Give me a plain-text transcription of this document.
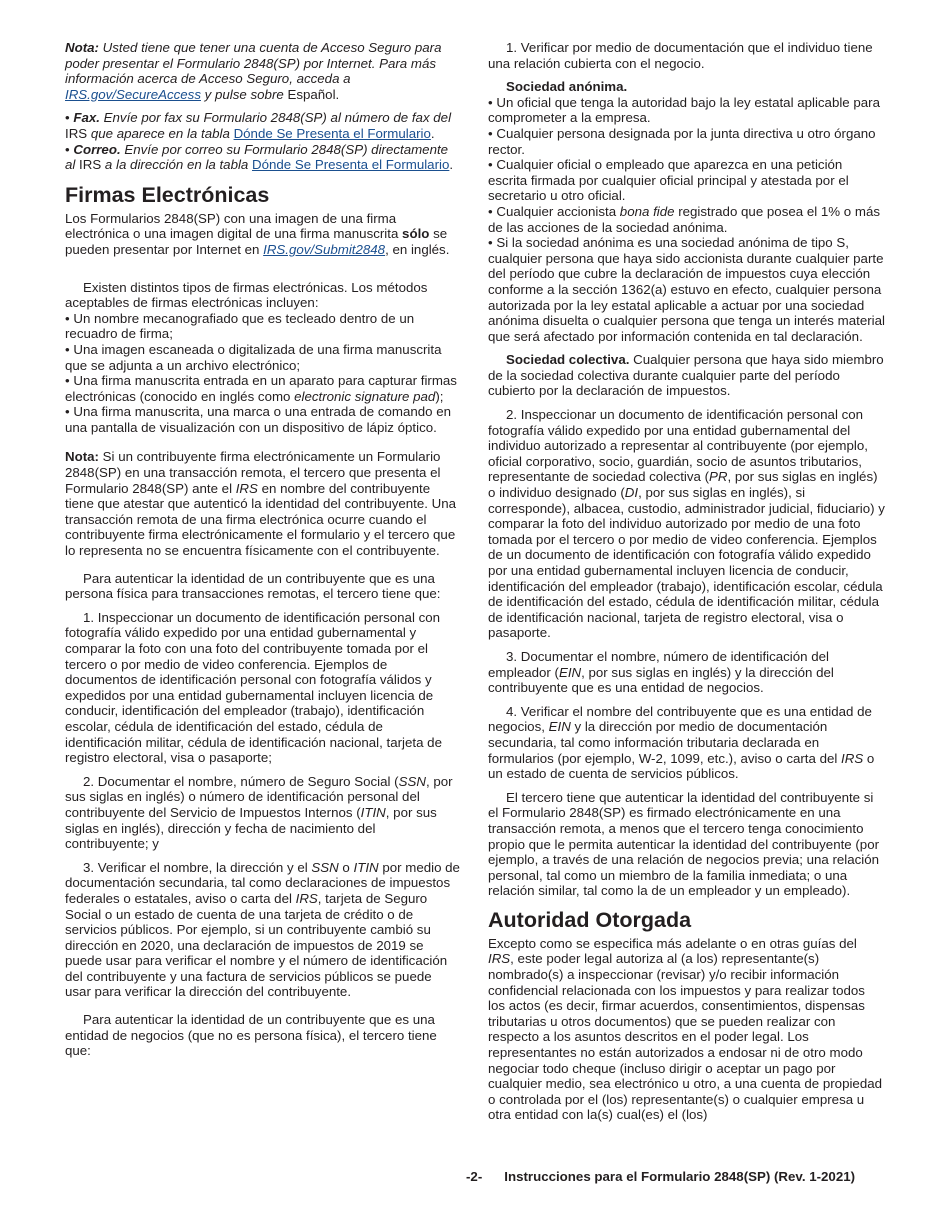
Nota: Usted tiene que tener una cuenta de Acceso Seguro para poder presentar el Formulario 2848(SP) por Internet. Para más información acerca de Acceso Seguro, acceda a IRS.gov/SecureAccess y pulse sobre Español.

• Fax. Envíe por fax su Formulario 2848(SP) al número de fax del IRS que aparece en la tabla Dónde Se Presenta el Formulario.

• Correo. Envíe por correo su Formulario 2848(SP) directamente al IRS a la dirección en la tabla Dónde Se Presenta el Formulario.

Firmas Electrónicas

Los Formularios 2848(SP) con una imagen de una firma electrónica o una imagen digital de una firma manuscrita sólo se pueden presentar por Internet en IRS.gov/Submit2848, en inglés.

Existen distintos tipos de firmas electrónicas. Los métodos aceptables de firmas electrónicas incluyen:

• Un nombre mecanografiado que es tecleado dentro de un recuadro de firma;

• Una imagen escaneada o digitalizada de una firma manuscrita que se adjunta a un archivo electrónico;

• Una firma manuscrita entrada en un aparato para capturar firmas electrónicas (conocido en inglés como electronic signature pad);

• Una firma manuscrita, una marca o una entrada de comando en una pantalla de visualización con un dispositivo de lápiz óptico.

Nota: Si un contribuyente firma electrónicamente un Formulario 2848(SP) en una transacción remota, el tercero que presenta el Formulario 2848(SP) ante el IRS en nombre del contribuyente tiene que atestar que autenticó la identidad del contribuyente. Una transacción remota de una firma electrónica ocurre cuando el contribuyente firma electrónicamente el formulario y el tercero que lo representa no se encuentra físicamente con el contribuyente.

Para autenticar la identidad de un contribuyente que es una persona física para transacciones remotas, el tercero tiene que:

1. Inspeccionar un documento de identificación personal con fotografía válido expedido por una entidad gubernamental y comparar la foto con una foto del contribuyente tomada por el tercero o por medio de video conferencia. Ejemplos de documentos de identificación personal con fotografía válidos y expedidos por una entidad gubernamental incluyen licencia de conducir, identificación del empleador (trabajo), identificación escolar, cédula de identificación del estado, cédula de identificación militar, cédula de identificación nacional, tarjeta de registro electoral, visa o pasaporte;

2. Documentar el nombre, número de Seguro Social (SSN, por sus siglas en inglés) o número de identificación personal del contribuyente del Servicio de Impuestos Internos (ITIN, por sus siglas en inglés), dirección y fecha de nacimiento del contribuyente; y

3. Verificar el nombre, la dirección y el SSN o ITIN por medio de documentación secundaria, tal como declaraciones de impuestos federales o estatales, aviso o carta del IRS, tarjeta de Seguro Social o un estado de cuenta de una tarjeta de crédito o de servicios públicos. Por ejemplo, si un contribuyente cambió su dirección en 2020, una declaración de impuestos de 2019 se puede usar para verificar el nombre y el número de identificación del contribuyente y una factura de servicios públicos se puede usar para verificar la dirección del contribuyente.

Para autenticar la identidad de un contribuyente que es una entidad de negocios (que no es persona física), el tercero tiene que:

1. Verificar por medio de documentación que el individuo tiene una relación cubierta con el negocio.

Sociedad anónima.

• Un oficial que tenga la autoridad bajo la ley estatal aplicable para comprometer a la empresa.

• Cualquier persona designada por la junta directiva u otro órgano rector.

• Cualquier oficial o empleado que aparezca en una petición escrita firmada por cualquier oficial principal y atestada por el secretario u otro oficial.

• Cualquier accionista bona fide registrado que posea el 1% o más de las acciones de la sociedad anónima.

• Si la sociedad anónima es una sociedad anónima de tipo S, cualquier persona que haya sido accionista durante cualquier parte del período que cubre la declaración de impuestos cuya elección conforme a la sección 1362(a) estuvo en efecto, cualquier persona autorizada por la ley estatal aplicable a actuar por una sociedad anónima disuelta o cualquier persona que tenga un interés material que será afectado por información contenida en tal declaración.

Sociedad colectiva. Cualquier persona que haya sido miembro de la sociedad colectiva durante cualquier parte del período cubierto por la declaración de impuestos.

2. Inspeccionar un documento de identificación personal con fotografía válido expedido por una entidad gubernamental del individuo autorizado a representar al contribuyente (por ejemplo, oficial corporativo, socio, guardián, socio de asuntos tributarios, representante de sociedad colectiva (PR, por sus siglas en inglés) o individuo designado (DI, por sus siglas en inglés), si corresponde), albacea, custodio, administrador judicial, fiduciario) y comparar la foto del individuo autorizado por medio de una foto tomada por el tercero o por medio de video conferencia. Ejemplos de un documento de identificación con fotografía válido expedido por una entidad gubernamental incluyen licencia de conducir, identificación del empleador (trabajo), identificación escolar, cédula de identificación del estado, cédula de identificación militar, cédula de identificación nacional, tarjeta de registro electoral, visa o pasaporte.

3. Documentar el nombre, número de identificación del empleador (EIN, por sus siglas en inglés) y la dirección del contribuyente que es una entidad de negocios.

4. Verificar el nombre del contribuyente que es una entidad de negocios, EIN y la dirección por medio de documentación secundaria, tal como información tributaria declarada en formularios (por ejemplo, W-2, 1099, etc.), aviso o carta del IRS o un estado de cuenta de servicios públicos.

El tercero tiene que autenticar la identidad del contribuyente si el Formulario 2848(SP) es firmado electrónicamente en una transacción remota, a menos que el tercero tenga conocimiento propio que le permita autenticar la identidad del contribuyente (por ejemplo, a través de una relación de negocios previa; una relación personal, tal como un miembro de la familia inmediata; o una relación similar, tal como la de un empleador y un empleado).

Autoridad Otorgada

Excepto como se especifica más adelante o en otras guías del IRS, este poder legal autoriza al (a los) representante(s) nombrado(s) a inspeccionar (revisar) y/o recibir información confidencial relacionada con los impuestos y para realizar todos los actos (es decir, firmar acuerdos, consentimientos, dispensas tributarias u otros documentos) que se pueden realizar con respecto a los asuntos descritos en el poder legal. Los representantes no están autorizados a endosar ni de otro modo negociar todo cheque (incluso dirigir o aceptar un pago por cualquier medio, sea electrónico u otro, a una cuenta de propiedad o controlada por el (los) representante(s) o cualquier empresa u otra entidad con la(s) cual(es) el (los)

-2- Instrucciones para el Formulario 2848(SP) (Rev. 1-2021)
